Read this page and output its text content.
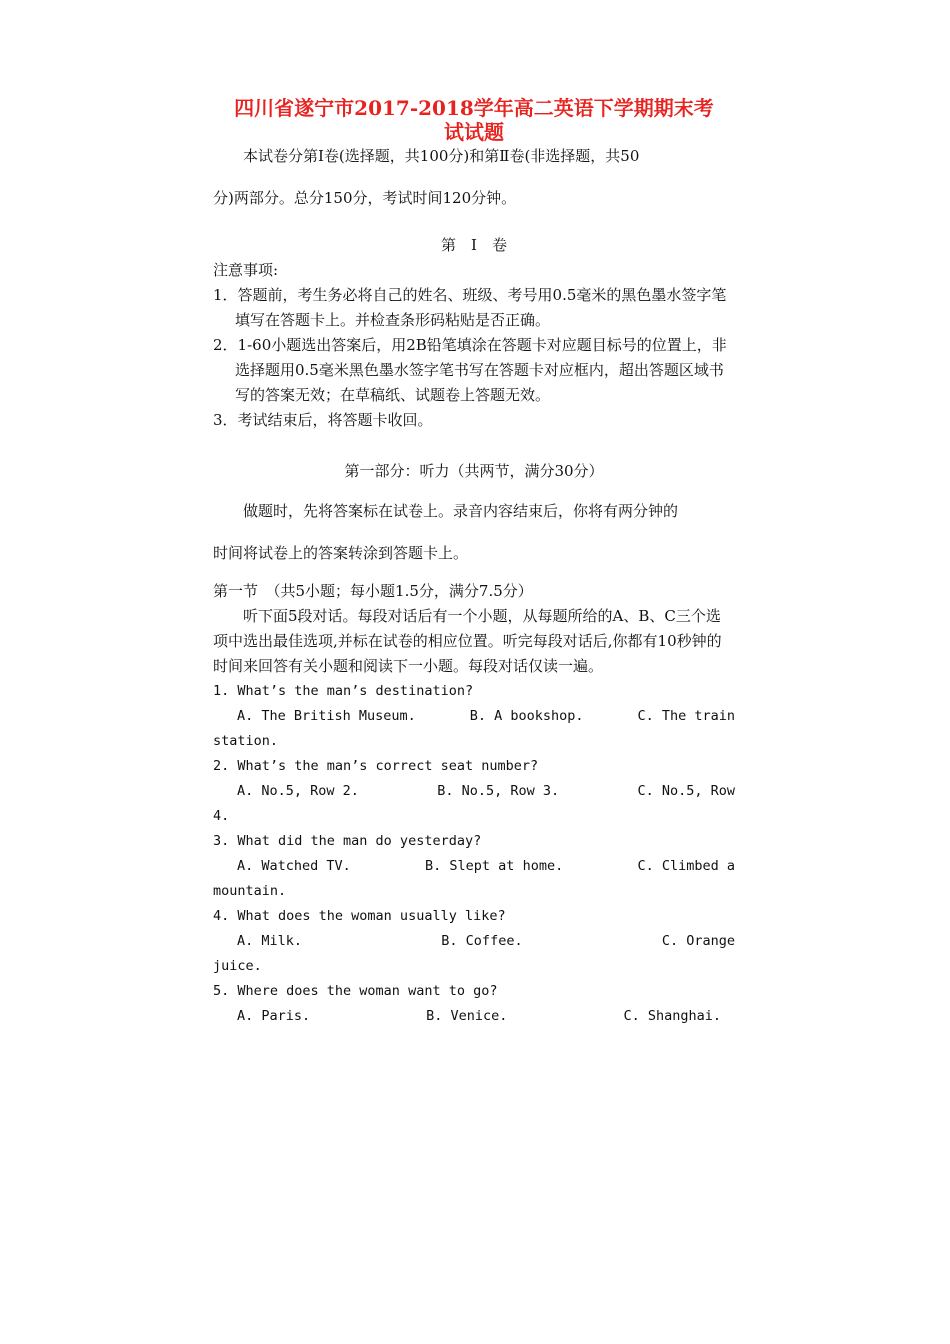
四川省遂宁市2017-2018学年高二英语下学期期末考

试试题

本试卷分第Ⅰ卷(选择题，共100分)和第Ⅱ卷(非选择题，共50

分)两部分。总分150分，考试时间120分钟。

第　Ⅰ　卷

注意事项:

1．答题前，考生务必将自己的姓名、班级、考号用0.5毫米的黑色墨水签字笔填写在答题卡上。并检查条形码粘贴是否正确。

2．1-60小题选出答案后，用2B铅笔填涂在答题卡对应题目标号的位置上，非选择题用0.5毫米黑色墨水签字笔书写在答题卡对应框内，超出答题区域书写的答案无效；在草稿纸、试题卷上答题无效。

3．考试结束后，将答题卡收回。

第一部分：听力（共两节，满分30分）

做题时，先将答案标在试卷上。录音内容结束后，你将有两分钟的

时间将试卷上的答案转涂到答题卡上。

第一节　（共5小题；每小题1.5分，满分7.5分）

听下面5段对话。每段对话后有一个小题，从每题所给的A、B、C三个选项中选出最佳选项,并标在试卷的相应位置。听完每段对话后,你都有10秒钟的时间来回答有关小题和阅读下一小题。每段对话仅读一遍。

1. What’s the man’s destination?

A. The British Museum.	B. A bookshop.	C. The train

station.

2. What’s the man’s correct seat number?

A. No.5, Row 2.	B. No.5, Row 3.	C. No.5, Row

4.

3. What did the man do yesterday?

A. Watched TV.	B. Slept at home.	C. Climbed a

mountain.

4. What does the woman usually like?

A. Milk.	B. Coffee.	C. Orange

juice.

5. Where does the woman want to go?

A. Paris.	B. Venice.	C. Shanghai.
